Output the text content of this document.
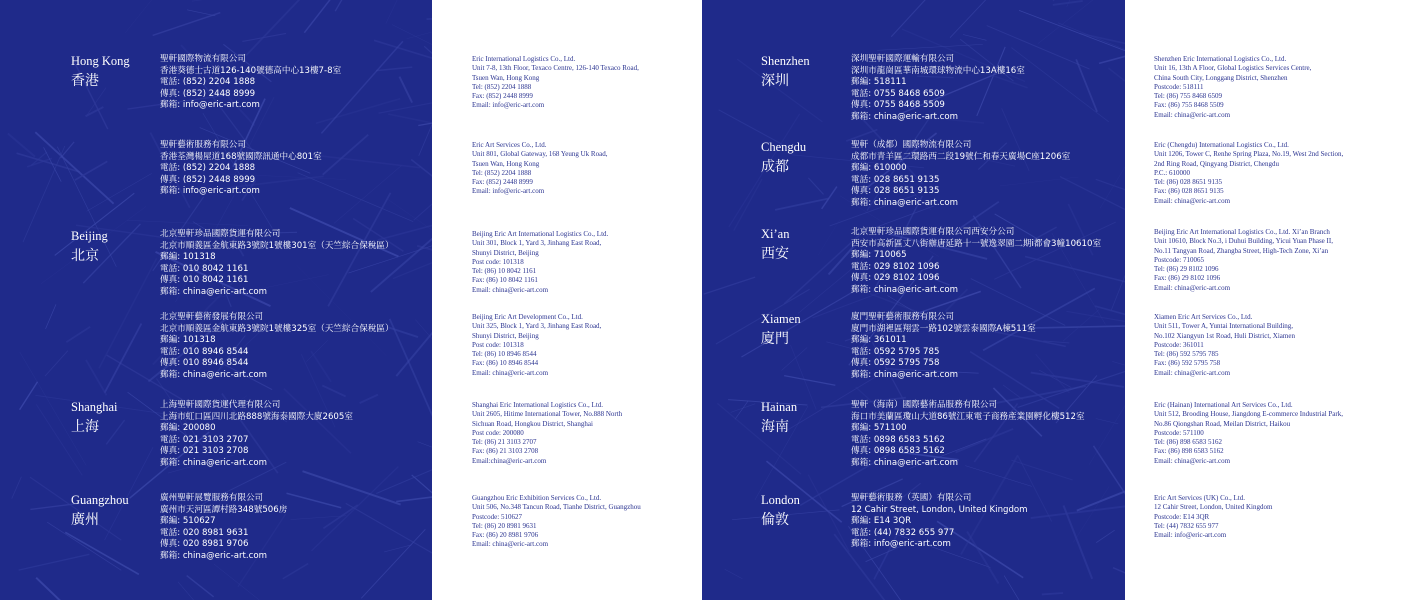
Hong Kong
香港
聖軒國際物流有限公司
香港葵德士古道126-140號德高中心13樓7-8室
電話: (852) 2204 1888
傳真: (852) 2448 8999
郵箱: info@eric-art.com
Eric International Logistics Co., Ltd.
Unit 7-8, 13th Floor, Texaco Centre, 126-140 Texaco Road,
Tsuen Wan, Hong Kong
Tel: (852) 2204 1888
Fax: (852) 2448 8999
Email: info@eric-art.com
聖軒藝術服務有限公司
香港荃灣楊屋道168號國際訊通中心801室
電話: (852) 2204 1888
傳真: (852) 2448 8999
郵箱: info@eric-art.com
Eric Art Services Co., Ltd.
Unit 801, Global Gateway, 168 Yeung Uk Road,
Tsuen Wan, Hong Kong
Tel: (852) 2204 1888
Fax: (852) 2448 8999
Email: info@eric-art.com
Beijing
北京
北京聖軒珍品國際貨運有限公司
北京市順義區金航東路3號院1號樓301室（天竺綜合保稅區）
郵編: 101318
電話: 010 8042 1161
傳真: 010 8042 1161
郵箱: china@eric-art.com
Beijing Eric Art International Logistics Co., Ltd.
Unit 301, Block 1, Yard 3, Jinhang East Road,
Shunyi District, Beijing
Post code: 101318
Tel: (86) 10 8042 1161
Fax: (86) 10 8042 1161
Email: china@eric-art.com
北京聖軒藝術發展有限公司
北京市順義區金航東路3號院1號樓325室（天竺綜合保稅區）
郵編: 101318
電話: 010 8946 8544
傳真: 010 8946 8544
郵箱: china@eric-art.com
Beijing Eric Art Development Co., Ltd.
Unit 325, Block 1, Yard 3, Jinhang East Road,
Shunyi District, Beijing
Post code: 101318
Tel: (86) 10 8946 8544
Fax: (86) 10 8946 8544
Email: china@eric-art.com
Shanghai
上海
上海聖軒國際貨運代理有限公司
上海市虹口區四川北路888號海泰國際大廈2605室
郵編: 200080
電話: 021 3103 2707
傳真: 021 3103 2708
郵箱: china@eric-art.com
Shanghai Eric International Logistics Co., Ltd.
Unit 2605, Hitime International Tower, No.888 North
Sichuan Road, Hongkou District, Shanghai
Post code: 200080
Tel: (86) 21 3103 2707
Fax: (86) 21 3103 2708
Email:china@eric-art.com
Guangzhou
廣州
廣州聖軒展覽服務有限公司
廣州市天河區譚村路348號506房
郵編: 510627
電話: 020 8981 9631
傳真: 020 8981 9706
郵箱: china@eric-art.com
Guangzhou Eric Exhibition Services Co., Ltd.
Unit 506, No.348 Tancun Road, Tianhe District, Guangzhou
Postcode: 510627
Tel: (86) 20 8981 9631
Fax: (86) 20 8981 9706
Email: china@eric-art.com
Shenzhen
深圳
深圳聖軒國際運輸有限公司
深圳市龍崗區華南城環球物流中心13A樓16室
郵編: 518111
電話: 0755 8468 6509
傳真: 0755 8468 5509
郵箱: china@eric-art.com
Shenzhen Eric International Logistics Co., Ltd.
Unit 16, 13th A Floor, Global Logistics Services Centre,
China South City, Longgang District, Shenzhen
Postcode: 518111
Tel: (86) 755 8468 6509
Fax: (86) 755 8468 5509
Email: china@eric-art.com
Chengdu
成都
聖軒（成都）國際物流有限公司
成都市青羊區二環路西二段19號仁和春天廣場C座1206室
郵編: 610000
電話: 028 8651 9135
傳真: 028 8651 9135
郵箱: china@eric-art.com
Eric (Chengdu) International Logistics Co., Ltd.
Unit 1206, Tower C, Renhe Spring Plaza, No.19, West 2nd Section,
2nd Ring Road, Qingyang District, Chengdu
P.C.: 610000
Tel: (86) 028 8651 9135
Fax: (86) 028 8651 9135
Email: china@eric-art.com
Xi’an
西安
北京聖軒珍品國際貨運有限公司西安分公司
西安市高新區丈八街辦唐延路十一號逸翠園二期i都會3幢10610室
郵編: 710065
電話: 029 8102 1096
傳真: 029 8102 1096
郵箱: china@eric-art.com
Beijing Eric Art International Logistics Co., Ltd. Xi’an Branch
Unit 10610, Block No.3, i Duhui Building, Yicui Yuan Phase II,
No.11 Tangyan Road, Zhangba Street, High-Tech Zone, Xi’an
Postcode: 710065
Tel: (86) 29 8102 1096
Fax: (86) 29 8102 1096
Email: china@eric-art.com
Xiamen
廈門
廈門聖軒藝術服務有限公司
廈門市湖裡區翔雲一路102號雲泰國際A棟511室
郵編: 361011
電話: 0592 5795 785
傳真: 0592 5795 758
郵箱: china@eric-art.com
Xiamen Eric Art Services Co., Ltd.
Unit 511, Tower A, Yuntai International Building,
No.102 Xiangyun 1st Road, Huli District, Xiamen
Postcode: 361011
Tel: (86) 592 5795 785
Fax: (86) 592 5795 758
Email: china@eric-art.com
Hainan
海南
聖軒（海南）國際藝術品服務有限公司
海口市美蘭區瓊山大道86號江東電子商務產業園孵化樓512室
郵編: 571100
電話: 0898 6583 5162
傳真: 0898 6583 5162
郵箱: china@eric-art.com
Eric (Hainan) International Art Services Co., Ltd.
Unit 512, Brooding House, Jiangdong E-commerce Industrial Park,
No.86 Qiongshan Road, Meilan District, Haikou
Postcode: 571100
Tel: (86) 898 6583 5162
Fax: (86) 898 6583 5162
Email: china@eric-art.com
London
倫敦
聖軒藝術服務（英國）有限公司
12 Cahir Street, London, United Kingdom
郵編: E14 3QR
電話: (44) 7832 655 977
郵箱: info@eric-art.com
Eric Art Services (UK) Co., Ltd.
12 Cahir Street, London, United Kingdom
Postcode: E14 3QR
Tel: (44) 7832 655 977
Email: info@eric-art.com
